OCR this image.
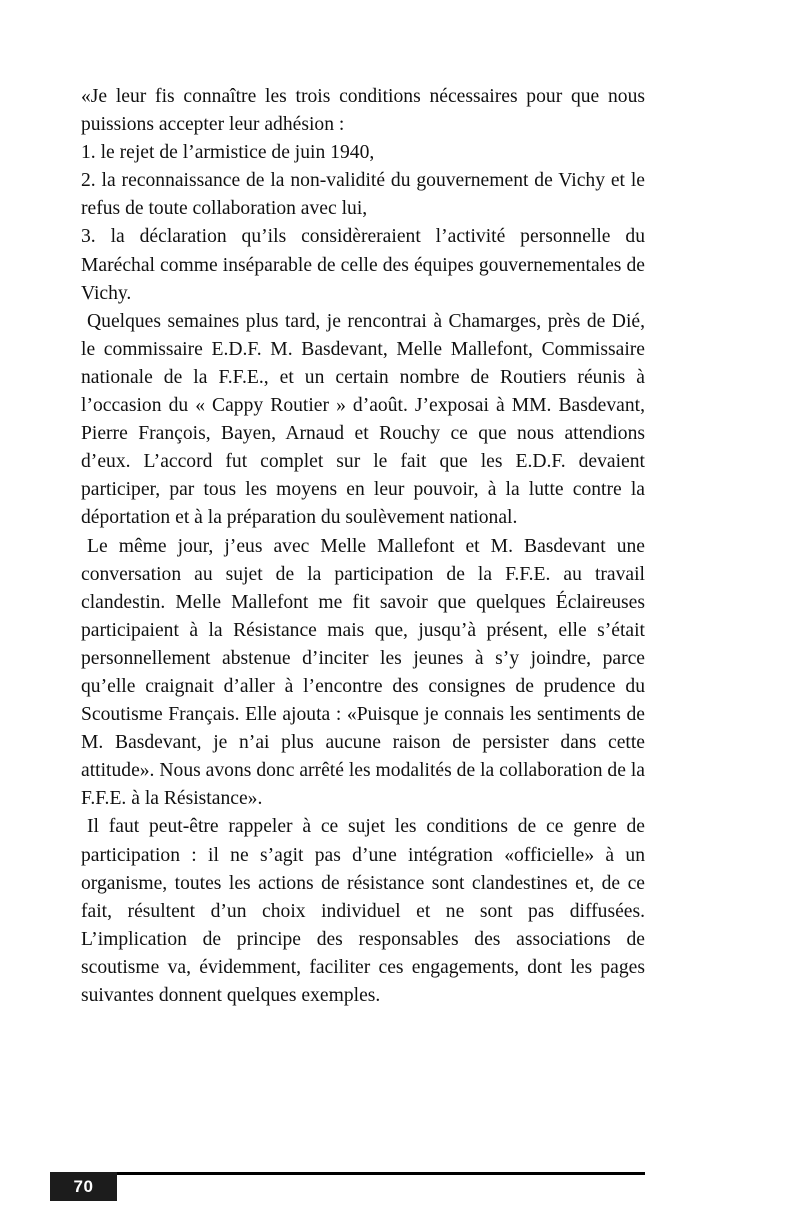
«Je leur fis connaître les trois conditions nécessaires pour que nous puissions accepter leur adhésion :

1. le rejet de l’armistice de juin 1940,

2. la reconnaissance de la non-validité du gouvernement de Vichy et le refus de toute collaboration avec lui,

3. la déclaration qu’ils considèreraient l’activité personnelle du Maréchal comme inséparable de celle des équipes gouvernementales de Vichy.

Quelques semaines plus tard, je rencontrai à Chamarges, près de Dié, le commissaire E.D.F. M. Basdevant, Melle Mallefont, Commissaire nationale de la F.F.E., et un certain nombre de Routiers réunis à l’occasion du « Cappy Routier » d’août. J’exposai à MM. Basdevant, Pierre François, Bayen, Arnaud et Rouchy ce que nous attendions d’eux. L’accord fut complet sur le fait que les E.D.F. devaient participer, par tous les moyens en leur pouvoir, à la lutte contre la déportation et à la préparation du soulèvement national.

Le même jour, j’eus avec Melle Mallefont et M. Basdevant une conversation au sujet de la participation de la F.F.E. au travail clandestin. Melle Mallefont me fit savoir que quelques Éclaireuses participaient à la Résistance mais que, jusqu’à présent, elle s’était personnellement abstenue d’inciter les jeunes à s’y joindre, parce qu’elle craignait d’aller à l’encontre des consignes de prudence du Scoutisme Français. Elle ajouta : «Puisque je connais les sentiments de M. Basdevant, je n’ai plus aucune raison de persister dans cette attitude». Nous avons donc arrêté les modalités de la collaboration de la F.F.E. à la Résistance».

Il faut peut-être rappeler à ce sujet les conditions de ce genre de participation : il ne s’agit pas d’une intégration «officielle» à un organisme, toutes les actions de résistance sont clandestines et, de ce fait, résultent d’un choix individuel et ne sont pas diffusées. L’implication de principe des responsables des associations de scoutisme va, évidemment, faciliter ces engagements, dont les pages suivantes donnent quelques exemples.

70
